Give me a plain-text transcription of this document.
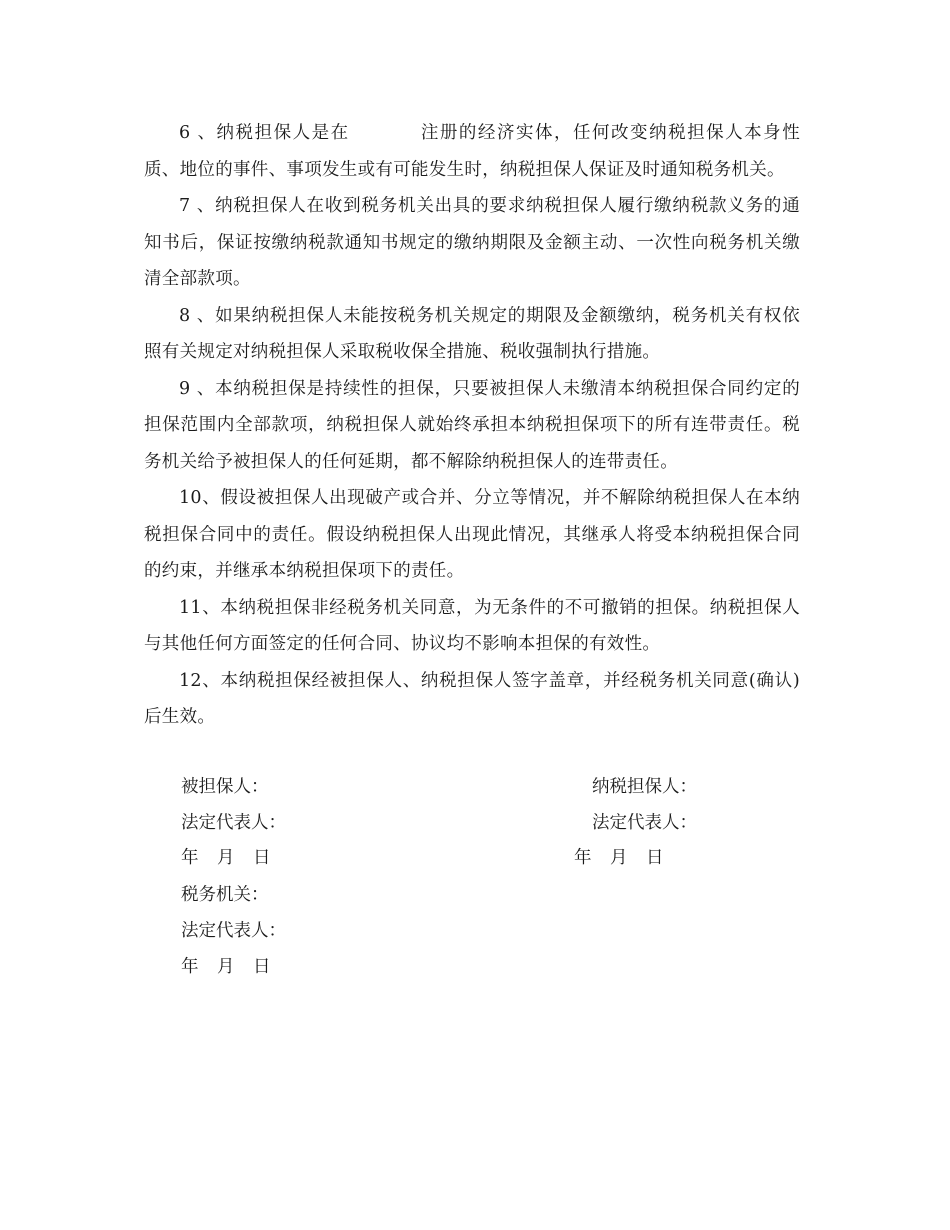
6 、纳税担保人是在	注册的经济实体，任何改变纳税担保人本身性质、地位的事件、事项发生或有可能发生时，纳税担保人保证及时通知税务机关。

7 、纳税担保人在收到税务机关出具的要求纳税担保人履行缴纳税款义务的通知书后，保证按缴纳税款通知书规定的缴纳期限及金额主动、一次性向税务机关缴清全部款项。

8 、如果纳税担保人未能按税务机关规定的期限及金额缴纳，税务机关有权依照有关规定对纳税担保人采取税收保全措施、税收强制执行措施。

9 、本纳税担保是持续性的担保，只要被担保人未缴清本纳税担保合同约定的担保范围内全部款项，纳税担保人就始终承担本纳税担保项下的所有连带责任。税务机关给予被担保人的任何延期，都不解除纳税担保人的连带责任。

10、假设被担保人出现破产或合并、分立等情况，并不解除纳税担保人在本纳税担保合同中的责任。假设纳税担保人出现此情况，其继承人将受本纳税担保合同的约束，并继承本纳税担保项下的责任。

11、本纳税担保非经税务机关同意，为无条件的不可撤销的担保。纳税担保人与其他任何方面签定的任何合同、协议均不影响本担保的有效性。

12、本纳税担保经被担保人、纳税担保人签字盖章，并经税务机关同意(确认)后生效。

被担保人：
法定代表人：
年 月 日
纳税担保人：
法定代表人：
年 月 日
税务机关：
法定代表人：
年 月 日
